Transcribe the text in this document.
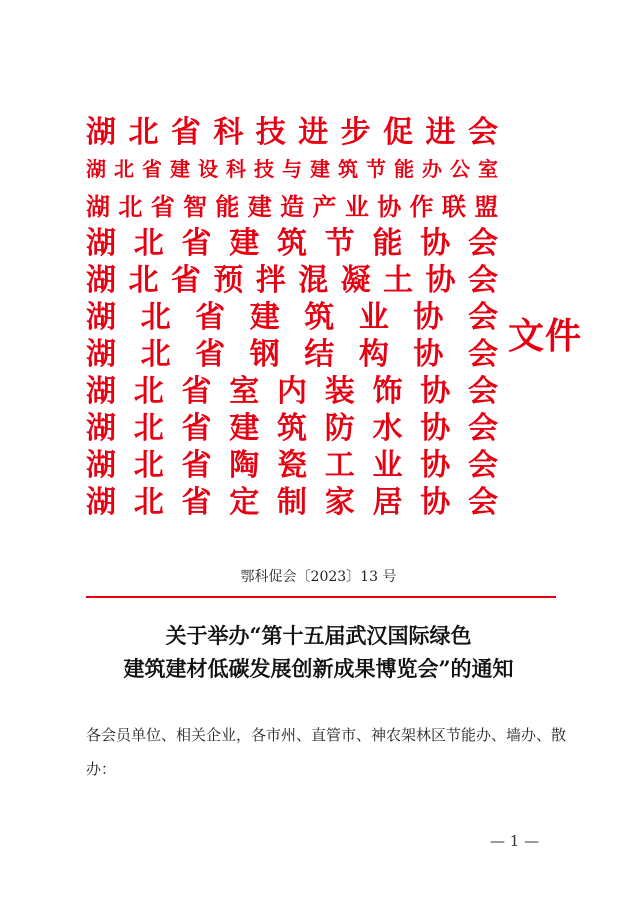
湖 北 省 科 技 进 步 促 进 会
湖 北 省 建 设 科 技 与 建 筑 节 能 办 公 室
湖 北 省 智 能 建 造 产 业 协 作 联 盟
湖 北 省 建 筑 节 能 协 会
湖 北 省 预 拌 混 凝 土 协 会
湖 北 省 建 筑 业 协 会
湖 北 省 钢 结 构 协 会
湖 北 省 室 内 装 饰 协 会
湖 北 省 建 筑 防 水 协 会
湖 北 省 陶 瓷 工 业 协 会
湖 北 省 定 制 家 居 协 会
文件
鄂科促会〔2023〕13 号
关于举办“第十五届武汉国际绿色
建筑建材低碳发展创新成果博览会”的通知
各会员单位、相关企业，各市州、直管市、神农架林区节能办、墙办、散办：
— 1 —
